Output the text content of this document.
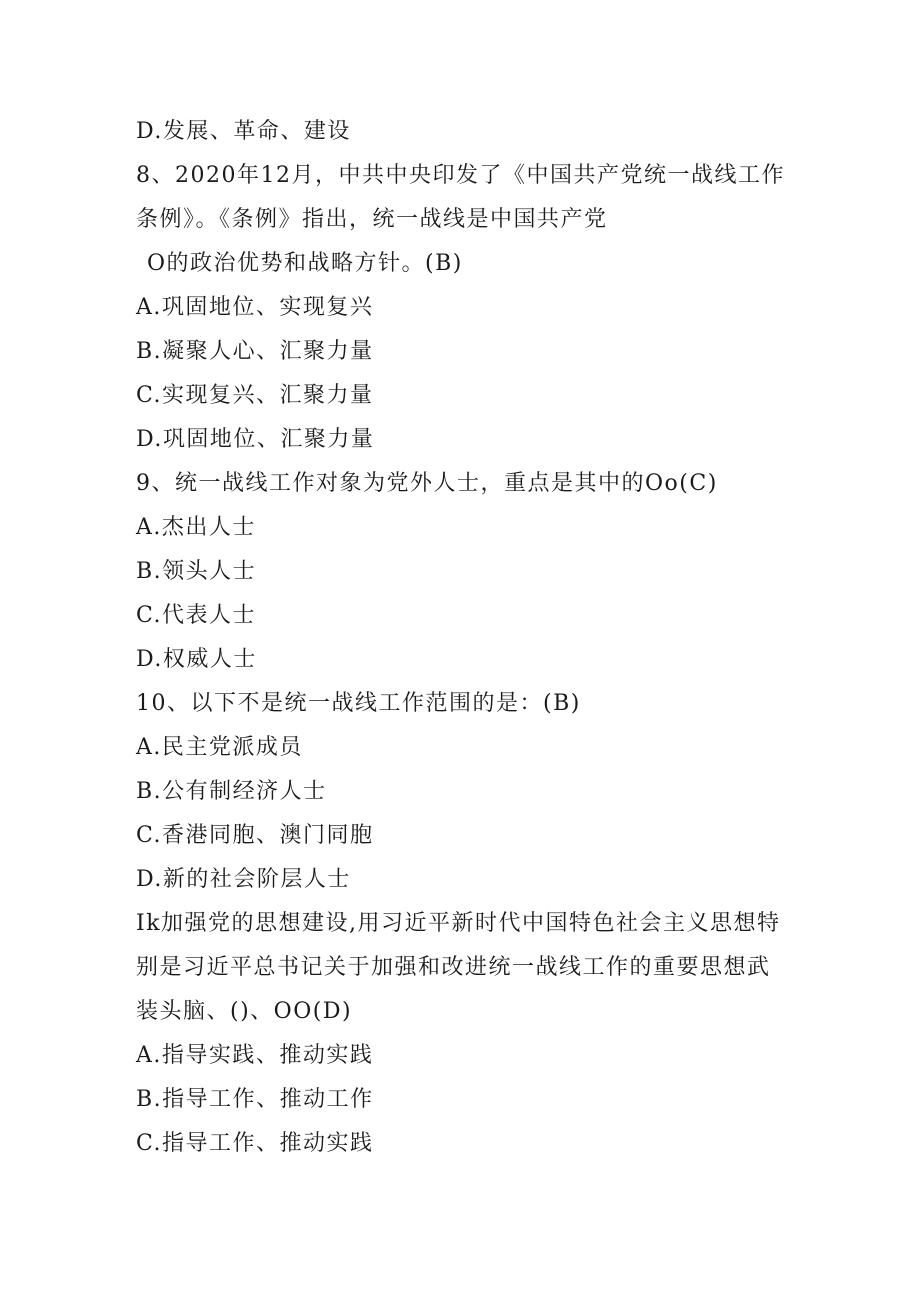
D.发展、革命、建设
8、2020年12月，中共中央印发了《中国共产党统一战线工作
条例》。《条例》指出，统一战线是中国共产党
O的政治优势和战略方针。(B)
A.巩固地位、实现复兴
B.凝聚人心、汇聚力量
C.实现复兴、汇聚力量
D.巩固地位、汇聚力量
9、统一战线工作对象为党外人士，重点是其中的Oo(C)
A.杰出人士
B.领头人士
C.代表人士
D.权威人士
10、以下不是统一战线工作范围的是：(B)
A.民主党派成员
B.公有制经济人士
C.香港同胞、澳门同胞
D.新的社会阶层人士
Ik加强党的思想建设,用习近平新时代中国特色社会主义思想特
别是习近平总书记关于加强和改进统一战线工作的重要思想武
装头脑、()、OO(D)
A.指导实践、推动实践
B.指导工作、推动工作
C.指导工作、推动实践
